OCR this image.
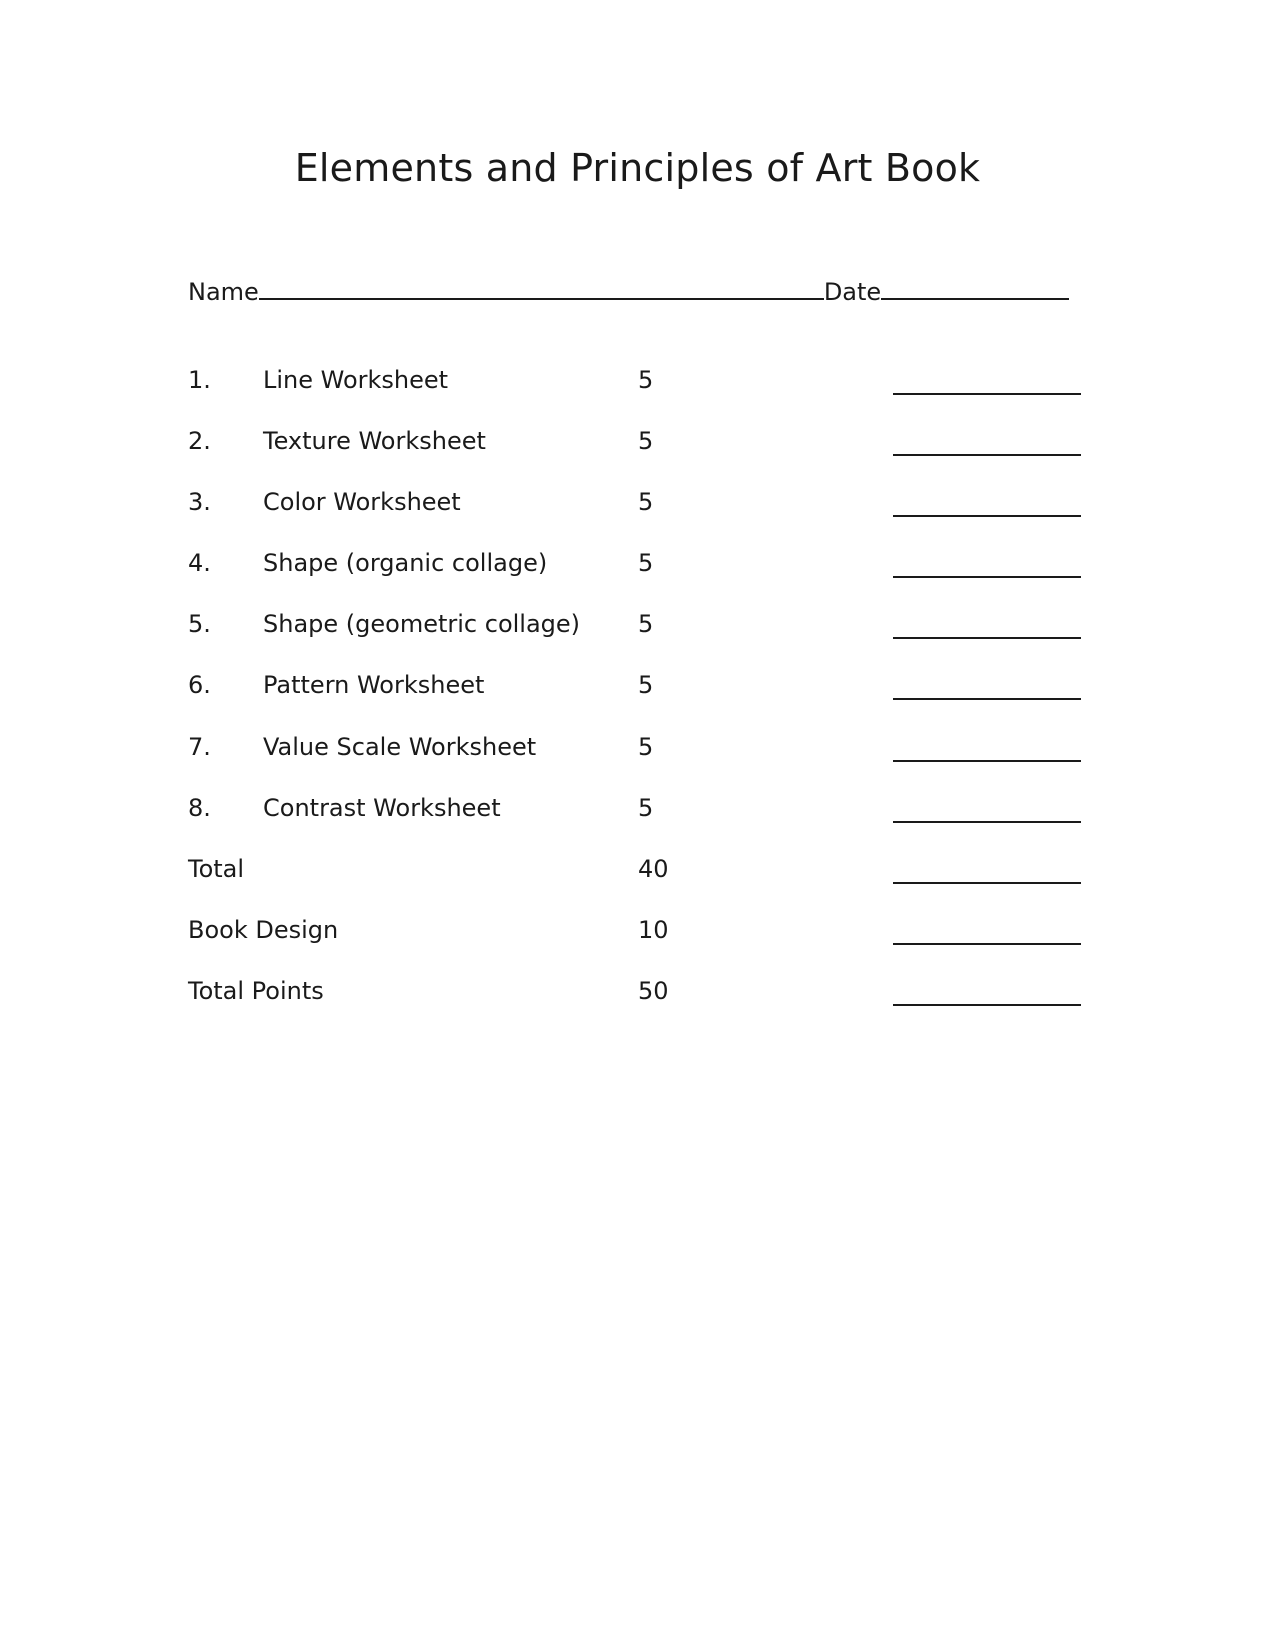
Elements and Principles of Art Book
Name	Date
1. Line Worksheet	5
2. Texture Worksheet	5
3. Color Worksheet	5
4. Shape (organic collage)	5
5. Shape (geometric collage) 5
6. Pattern Worksheet	5
7. Value Scale Worksheet	5
8. Contrast Worksheet	5
Total	40
Book Design	10
Total Points	50
